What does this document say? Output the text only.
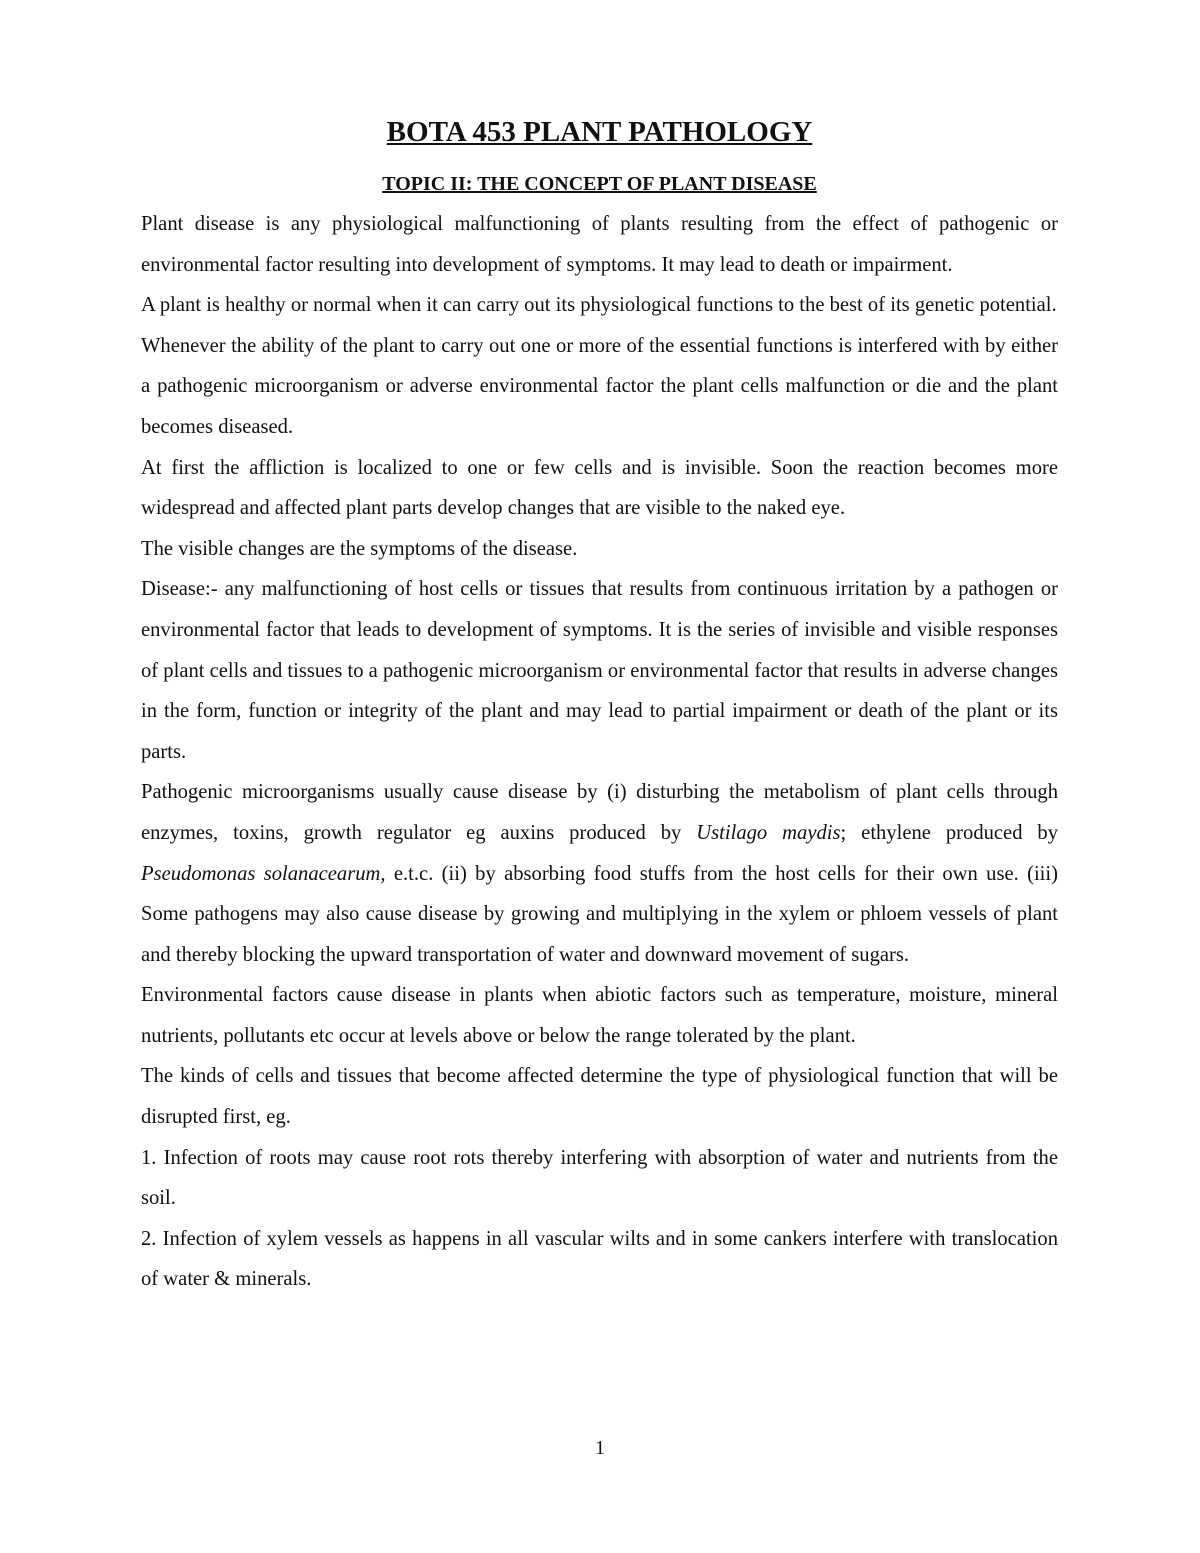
BOTA 453 PLANT PATHOLOGY
TOPIC II: THE CONCEPT OF PLANT DISEASE

Plant disease is any physiological malfunctioning of plants resulting from the effect of pathogenic or environmental factor resulting into development of symptoms. It may lead to death or impairment.

A plant is healthy or normal when it can carry out its physiological functions to the best of its genetic potential.

Whenever the ability of the plant to carry out one or more of the essential functions is interfered with by either a pathogenic microorganism or adverse environmental factor the plant cells malfunction or die and the plant becomes diseased.

At first the affliction is localized to one or few cells and is invisible. Soon the reaction becomes more widespread and affected plant parts develop changes that are visible to the naked eye.

The visible changes are the symptoms of the disease.

Disease:- any malfunctioning of host cells or tissues that results from continuous irritation by a pathogen or environmental factor that leads to development of symptoms. It is the series of invisible and visible responses of plant cells and tissues to a pathogenic microorganism or environmental factor that results in adverse changes in the form, function or integrity of the plant and may lead to partial impairment or death of the plant or its parts.

Pathogenic microorganisms usually cause disease by (i) disturbing the metabolism of plant cells through enzymes, toxins, growth regulator eg auxins produced by Ustilago maydis; ethylene produced by Pseudomonas solanacearum, e.t.c. (ii) by absorbing food stuffs from the host cells for their own use. (iii) Some pathogens may also cause disease by growing and multiplying in the xylem or phloem vessels of plant and thereby blocking the upward transportation of water and downward movement of sugars.

Environmental factors cause disease in plants when abiotic factors such as temperature, moisture, mineral nutrients, pollutants etc occur at levels above or below the range tolerated by the plant.

The kinds of cells and tissues that become affected determine the type of physiological function that will be disrupted first, eg.

1. Infection of roots may cause root rots thereby interfering with absorption of water and nutrients from the soil.

2. Infection of xylem vessels as happens in all vascular wilts and in some cankers interfere with translocation of water & minerals.

1
